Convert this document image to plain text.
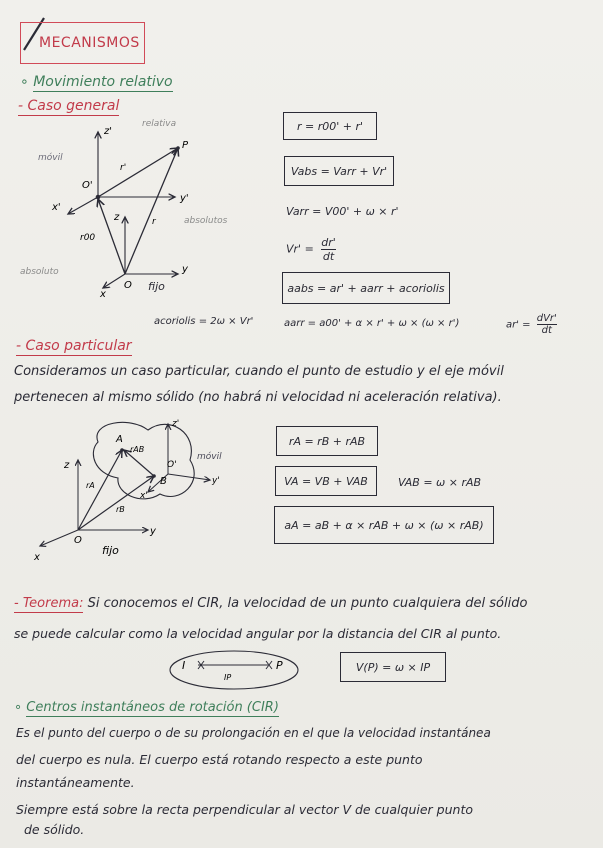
MECANISMOS
∘ Movimiento relativo
- Caso general
relativa
móvil
absolutos
absoluto
fijo
z'
y'
x'
O'
P
O
z
y
x
r'
r
r00
r = r00' + r'
Vabs = Varr + Vr'
Varr = V00' + ω × r'
$Vr' = \frac{dr'}{dt}$
aabs = ar' + aarr + acoriolis
acoriolis = 2ω × Vr'	aarr = a00' + α × r' + ω × (ω × r')	ar' =
dVr'
dt
- Caso particular
Consideramos un caso particular, cuando el punto de estudio y el eje móvil
pertenecen al mismo sólido (no habrá ni velocidad ni aceleración relativa).
A
B
O'
móvil
y'
z'
x'
z
y
x
O
fijo
rAB
rA
rB
rA = rB + rAB
VA = VB + VAB	VAB = ω × rAB
aA = aB + α × rAB + ω × (ω × rAB)
- Teorema: Si conocemos el CIR, la velocidad de un punto cualquiera del sólido
se puede calcular como la velocidad angular por la distancia del CIR al punto.
I	P
IP
V(P) = ω × IP
∘ Centros instantáneos de rotación (CIR)
Es el punto del cuerpo o de su prolongación en el que la velocidad instantánea
del cuerpo es nula. El cuerpo está rotando respecto a este punto
instantáneamente.
Siempre está sobre la recta perpendicular al vector V de cualquier punto
de sólido.
